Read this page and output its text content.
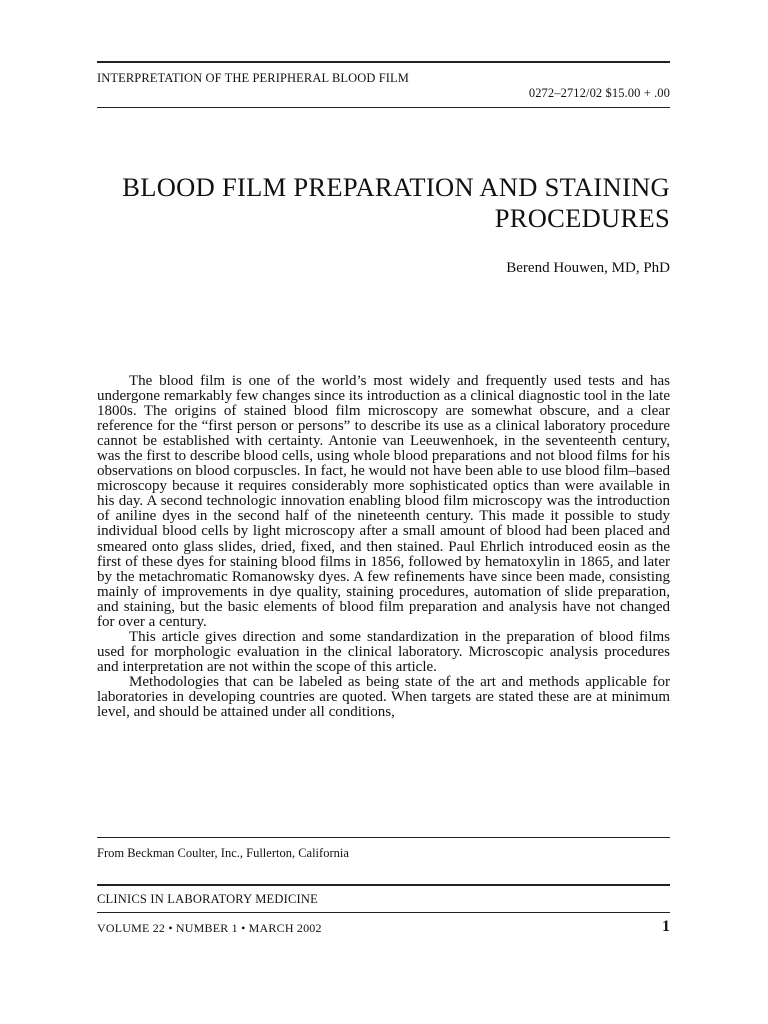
INTERPRETATION OF THE PERIPHERAL BLOOD FILM
0272–2712/02 $15.00 + .00
BLOOD FILM PREPARATION AND STAINING PROCEDURES
Berend Houwen, MD, PhD

The blood film is one of the world’s most widely and frequently used tests and has undergone remarkably few changes since its introduction as a clinical diagnostic tool in the late 1800s. The origins of stained blood film microscopy are somewhat obscure, and a clear reference for the “first person or persons” to describe its use as a clinical laboratory procedure cannot be established with certainty. Antonie van Leeuwenhoek, in the seventeenth century, was the first to describe blood cells, using whole blood preparations and not blood films for his observations on blood corpuscles. In fact, he would not have been able to use blood film–based microscopy because it requires considerably more sophisticated optics than were available in his day. A second technologic innovation enabling blood film microscopy was the introduction of aniline dyes in the second half of the nineteenth century. This made it possible to study individual blood cells by light microscopy after a small amount of blood had been placed and smeared onto glass slides, dried, fixed, and then stained. Paul Ehrlich introduced eosin as the first of these dyes for staining blood films in 1856, followed by hematoxylin in 1865, and later by the metachromatic Romanowsky dyes. A few refinements have since been made, consisting mainly of improvements in dye quality, staining procedures, automation of slide preparation, and staining, but the basic elements of blood film preparation and analysis have not changed for over a century.

This article gives direction and some standardization in the preparation of blood films used for morphologic evaluation in the clinical laboratory. Microscopic analysis procedures and interpretation are not within the scope of this article.

Methodologies that can be labeled as being state of the art and methods applicable for laboratories in developing countries are quoted. When targets are stated these are at minimum level, and should be attained under all conditions,

From Beckman Coulter, Inc., Fullerton, California
CLINICS IN LABORATORY MEDICINE
VOLUME 22 • NUMBER 1 • MARCH 2002	1
